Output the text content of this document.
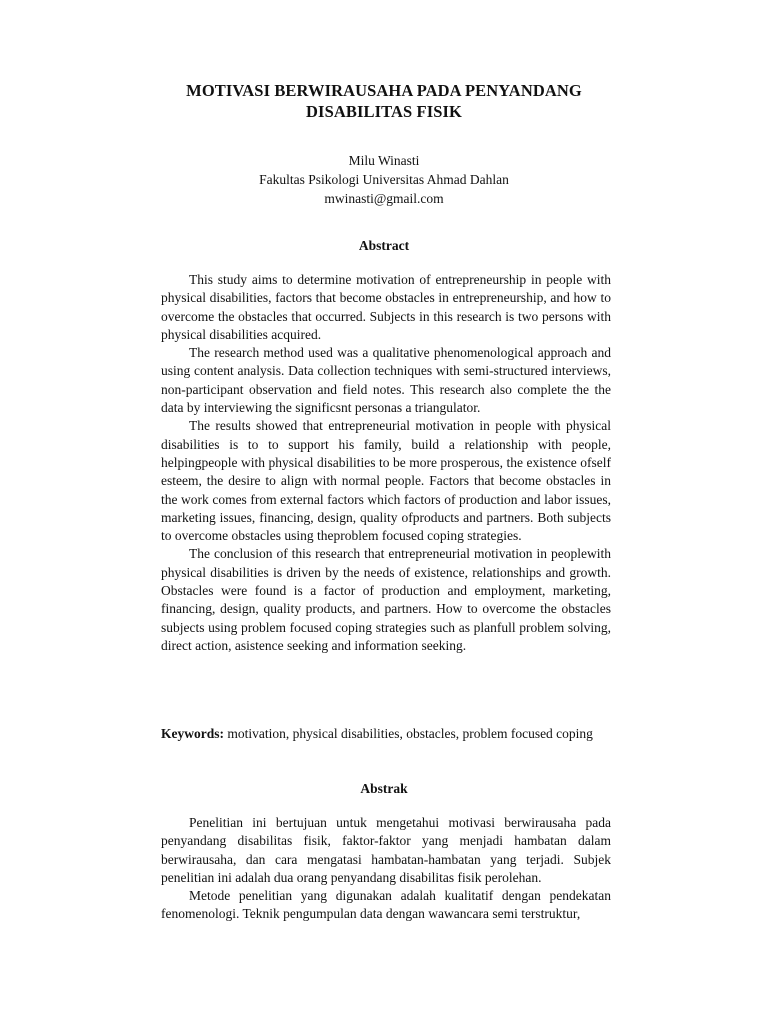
MOTIVASI BERWIRAUSAHA PADA PENYANDANG
DISABILITAS FISIK
Milu Winasti
Fakultas Psikologi Universitas Ahmad Dahlan
mwinasti@gmail.com
Abstract

This study aims to determine motivation of entrepreneurship in people with physical disabilities, factors that become obstacles in entrepreneurship, and how to overcome the obstacles that occurred. Subjects in this research is two persons with physical disabilities acquired.

The research method used was a qualitative phenomenological approach and using content analysis. Data collection techniques with semi-structured interviews, non-participant observation and field notes. This research also complete the the data by interviewing the significsnt personas a triangulator.

The results showed that entrepreneurial motivation in people with physical disabilities is to to support his family, build a relationship with people, helpingpeople with physical disabilities to be more prosperous, the existence ofself esteem, the desire to align with normal people. Factors that become obstacles in the work comes from external factors which factors of production and labor issues, marketing issues, financing, design, quality ofproducts and partners. Both subjects to overcome obstacles using theproblem focused coping strategies.

The conclusion of this research that entrepreneurial motivation in peoplewith physical disabilities is driven by the needs of existence, relationships and growth. Obstacles were found is a factor of production and employment, marketing, financing, design, quality products, and partners. How to overcome the obstacles subjects using problem focused coping strategies such as planfull problem solving, direct action, asistence seeking and information seeking.

Keywords: motivation, physical disabilities, obstacles, problem focused coping
Abstrak

Penelitian ini bertujuan untuk mengetahui motivasi berwirausaha pada penyandang disabilitas fisik, faktor-faktor yang menjadi hambatan dalam berwirausaha, dan cara mengatasi hambatan-hambatan yang terjadi. Subjek penelitian ini adalah dua orang penyandang disabilitas fisik perolehan.

Metode penelitian yang digunakan adalah kualitatif dengan pendekatan fenomenologi. Teknik pengumpulan data dengan wawancara semi terstruktur,
